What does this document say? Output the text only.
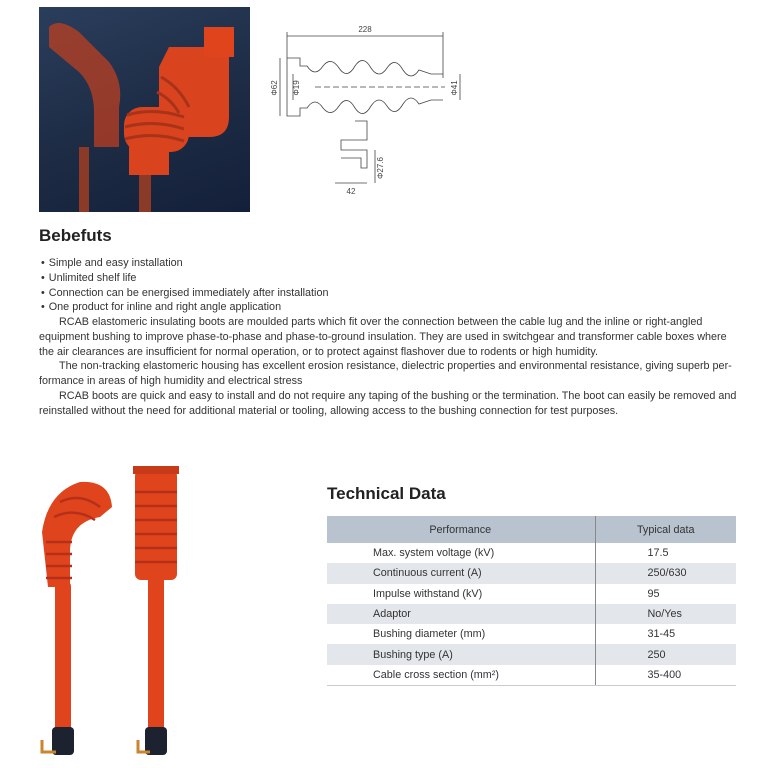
228
Φ62 Φ19	Φ41
42
Φ27.6
Bebefuts
• Simple and easy installation
• Unlimited shelf life
• Connection can be energised immediately after installation
• One product for inline and right angle application

RCAB elastomeric insulating boots are moulded parts which fit over the connection between the cable lug and the inline or right-angled equipment bushing to improve phase-to-phase and phase-to-ground insulation. They are used in switchgear and transformer cable boxes where the air clearances are insufficient for normal operation, or to protect against flashover due to rodents or high humidity.

The non-tracking elastomeric housing has excellent erosion resistance, dielectric properties and environmental resistance, giving superb per-formance in areas of high humidity and electrical stress

RCAB boots are quick and easy to install and do not require any taping of the bushing or the termination. The boot can easily be removed and reinstalled without the need for additional material or tooling, allowing access to the bushing connection for test purposes.

Technical Data
Performance	Typical data
Max. system voltage (kV)	17.5
Continuous current (A)	250/630
Impulse withstand (kV)	95
Adaptor	No/Yes
Bushing diameter (mm)	31-45
Bushing type (A)	250
Cable cross section (mm²)	35-400
